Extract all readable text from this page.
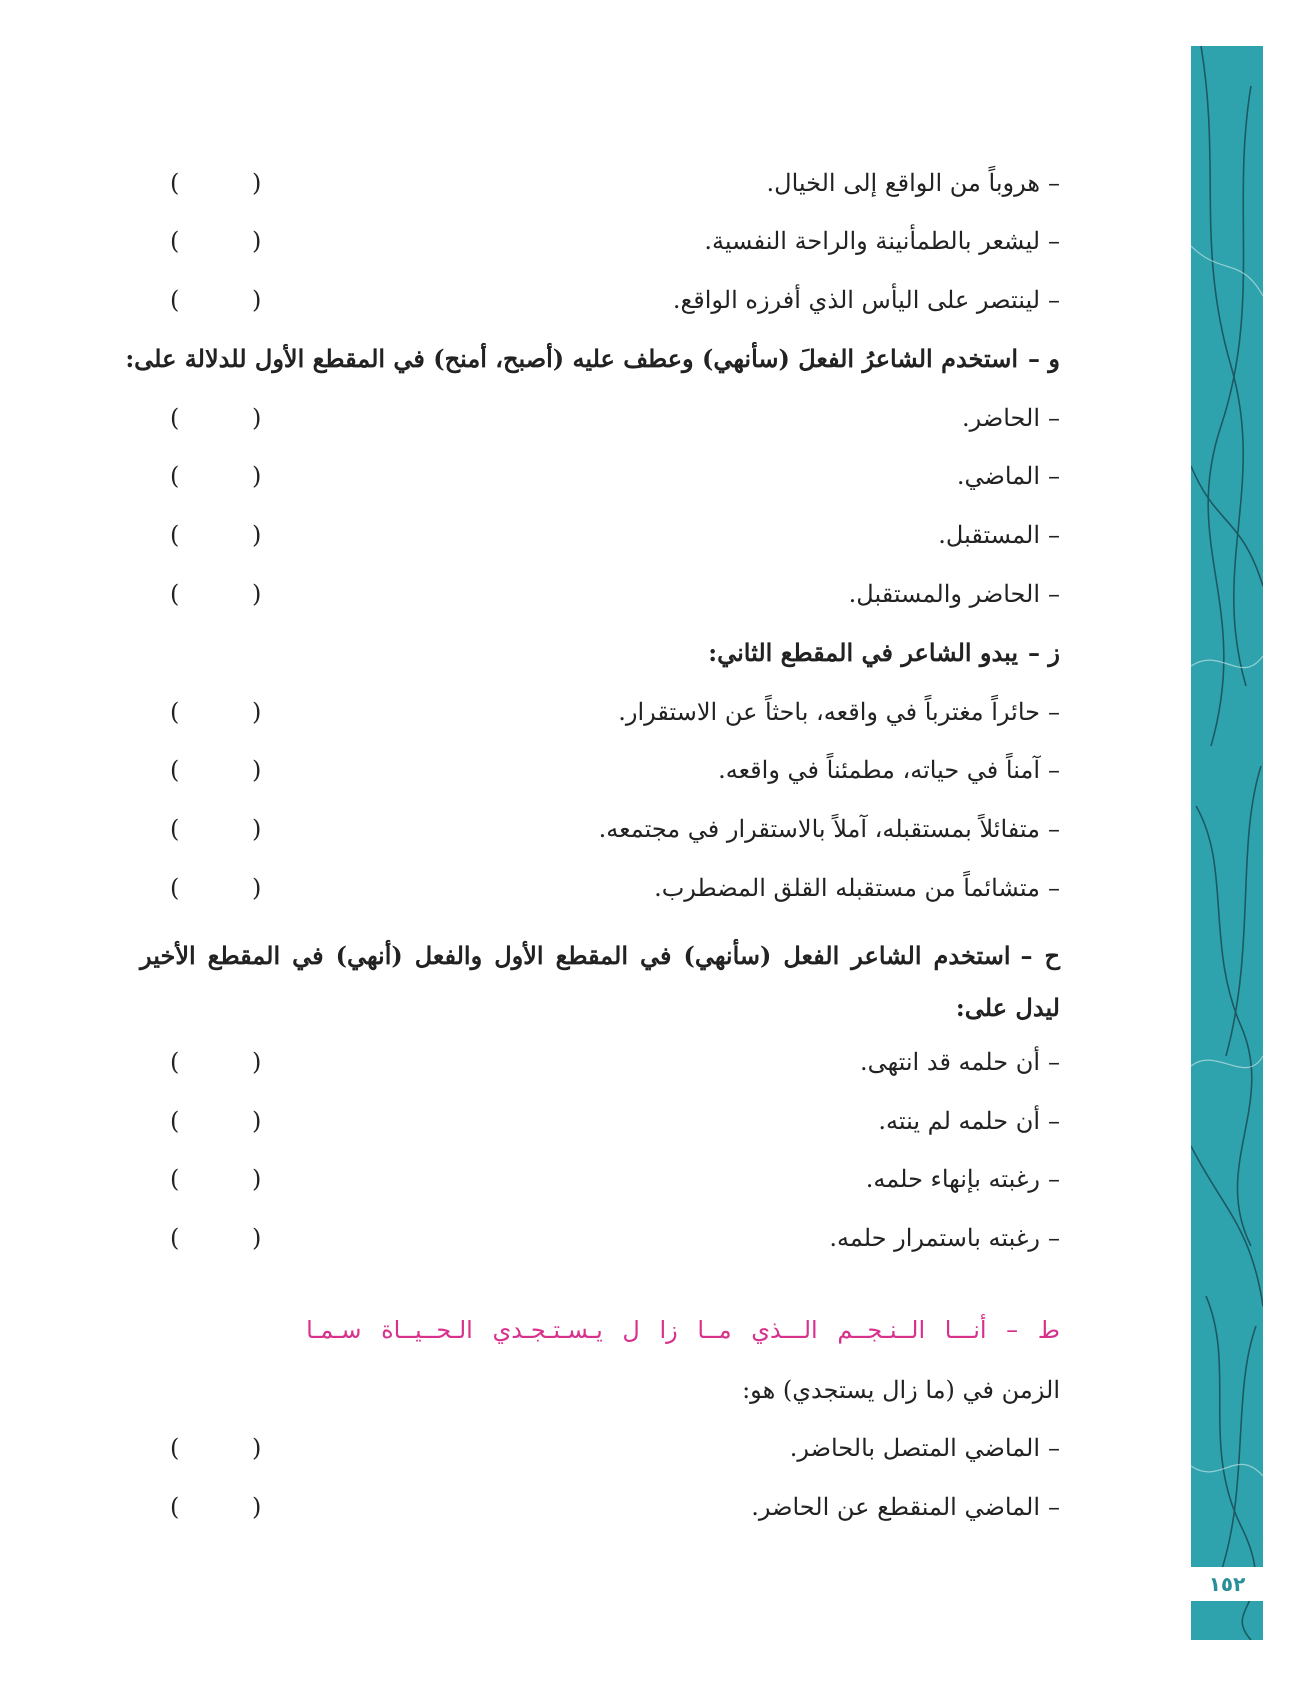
١٥٢
–هروباً من الواقع إلى الخيال.
(
)
–ليشعر بالطمأنينة والراحة النفسية.
(
)
–لينتصر على اليأس الذي أفرزه الواقع.
(
)
و –استخدم الشاعرُ الفعلَ (سأنهي) وعطف عليه (أصبح، أمنح) في المقطع الأول للدلالة على:
–الحاضر.
(
)
–الماضي.
(
)
–المستقبل.
(
)
–الحاضر والمستقبل.
(
)
ز –يبدو الشاعر في المقطع الثاني:
–حائراً مغترباً في واقعه، باحثاً عن الاستقرار.
(
)
–آمناً في حياته، مطمئناً في واقعه.
(
)
–متفائلاً بمستقبله، آملاً بالاستقرار في مجتمعه.
(
)
–متشائماً من مستقبله القلق المضطرب.
(
)
ح –استخدم الشاعر الفعل (سأنهي) في المقطع الأول والفعل (أنهي) في المقطع الأخير ليدل على:
–أن حلمه قد انتهى.
(
)
–أن حلمه لم ينته.
(
)
–رغبته بإنهاء حلمه.
(
)
–رغبته باستمرار حلمه.
(
)
ط – أنـــا الــنـجــم الـــذي مــا زا ل يـسـتـجـدي الـحــيــاة سـمـا
الزمن في (ما زال يستجدي) هو:
–الماضي المتصل بالحاضر.
(
)
–الماضي المنقطع عن الحاضر.
(
)
